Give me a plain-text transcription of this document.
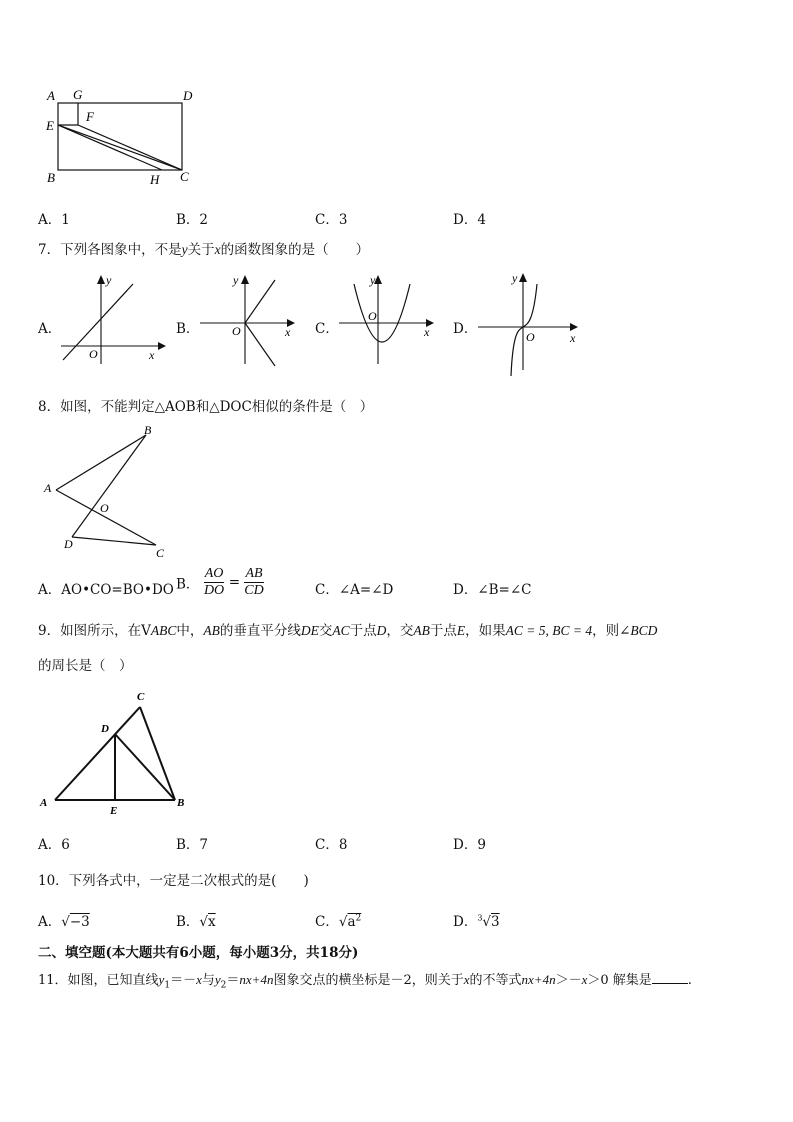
A G	D
E
F
B	H C
A．1	B．2	C．3	D．4
7．下列各图象中，不是y关于x的函数图象的是（　　）
A．	B．	C．	D．
y
O	x
y
O	x
y
O
x
y
O	x
8．如图，不能判定△AOB和△DOC相似的条件是（　）
B
A
O
D
C
A．AO•CO=BO•DO B． $\frac{AO}{DO} = \frac{AB}{CD}$	C．∠A=∠D	D．∠B=∠C
9．如图所示，在VABC中，AB的垂直平分线DE交AC于点D，交AB于点E，如果AC = 5, BC = 4，则∠BCD
的周长是（　）
C
D
A
E
B
A．6	B．7	C．8	D．9
10．下列各式中，一定是二次根式的是(　　)
A．√−3	B．√x	C．$√a^2$	D．$^3$√3
二、填空题(本大题共有6小题，每小题3分，共18分)
11．如图，已知直线$y_1=-x$与$y_2=nx+4n$图象交点的横坐标是－2，则关于x的不等式nx+4n＞－x＞0 解集是	.
